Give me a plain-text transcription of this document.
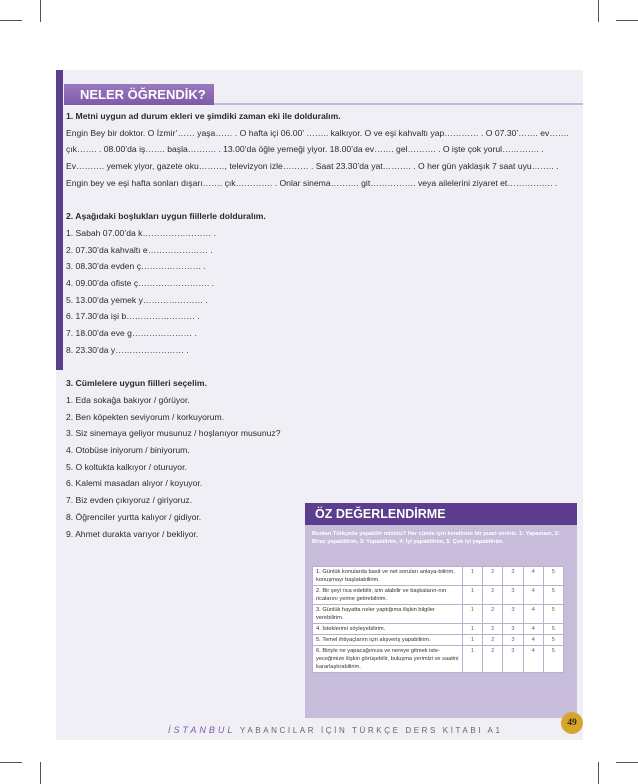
NELER ÖĞRENDİK?

1. Metni uygun ad durum ekleri ve şimdiki zaman eki ile dolduralım.

Engin Bey bir doktor. O İzmir’…… yaşa…… . O hafta içi 06.00’ …….. kalkıyor. O ve eşi kahvaltı yap………… . O 07.30’……. ev…….

çık……. . 08.00’da iş……. başla………. . 13.00’da öğle yemeği yiyor. 18.00’da ev……. gel………. . O işte çok yorul…………. .

Ev………. yemek yiyor, gazete oku………, televizyon izle……… . Saat 23.30’da yat………. . O her gün yaklaşık 7 saat uyu…….. .

Engin bey ve eşi hafta sonları dışarı……. çık…………. . Onlar sinema………. git……………. veya ailelerini ziyaret et……………. .

2. Aşağıdaki boşlukları uygun fiillerle dolduralım.

1. Sabah 07.00’da k…………………… .

2. 07.30’da kahvaltı e………………… .

3. 08.30’da evden ç………………… .

4. 09.00’da ofiste ç……………………. .

5. 13.00’da yemek y………………… .

6. 17.30’da işi b…………………… .

7. 18.00’da eve g………………… .

8. 23.30’da y…………………… .

3. Cümlelere uygun fiilleri seçelim.

1. Eda sokağa bakıyor / görüyor.

2. Ben köpekten seviyorum / korkuyorum.

3. Siz sinemaya geliyor musunuz / hoşlanıyor musunuz?

4. Otobüse iniyorum / biniyorum.

5. O koltukta kalkıyor / oturuyor.

6. Kalemi masadan alıyor / koyuyor.

7. Biz evden çıkıyoruz / giriyoruz.

8. Öğrenciler yurtta kalıyor / gidiyor.

9. Ahmet durakta varıyor / bekliyor.

ÖZ DEĞERLENDİRME
Bunları Türkçede yapabilir misiniz? Her cümle için kendinize bir puan veriniz. 1: Yapamam, 2: Biraz yapabilirim, 3: Yapabilirim, 4: İyi yapabilirim, 5: Çok iyi yapabilirim.
1. Günlük konularda basit ve net soruları anlaya-bilirim, konuşmayı başlatabilirim.	1	2	3	4	5
2. Bir şeyi rica edebilir, izin alabilir ve başkaların-nın ricalarını yerine getirebilirim.	1	2	3	4	5
3. Günlük hayatta neler yaptığıma ilişkin bilgiler verebilirim.	1	2	3	4	5
4. İsteklerimi söyleyebilirim.	1	2	3	4	5
5. Temel ihtiyaçlarım için alışveriş yapabilirim.	1	2	3	4	5
6. Biriyle ne yapacağımıza ve nereye gitmek iste-yeceğimize ilişkin görüşebilir, buluşma yerimizi ve saatini kararlaştırabilirim.	1	2	3	4	5
İSTANBUL YABANCILAR İÇİN TÜRKÇE DERS KİTABI A1
49
